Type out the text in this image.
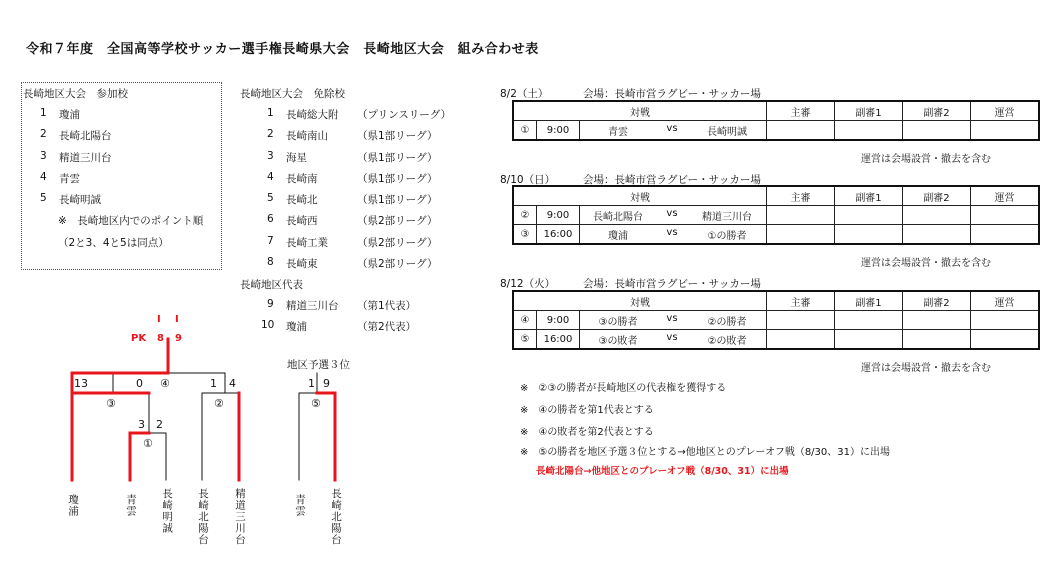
令和７年度　全国高等学校サッカー選手権長崎県大会　長崎地区大会　組み合わせ表
長崎地区大会　参加校
1 瓊浦
2 長崎北陽台
3 精道三川台
4 青雲
5 長崎明誠
※　長崎地区内でのポイント順
（2と3、4と5は同点）
長崎地区大会　免除校
1 長崎総大附 （プリンスリーグ）
2 長崎南山	（県1部リーグ）
3 海星	（県1部リーグ）
4 長崎南	（県1部リーグ）
5 長崎北	（県1部リーグ）
6 長崎西	（県2部リーグ）
7 長崎工業	（県2部リーグ）
8 長崎東	（県2部リーグ）
長崎地区代表
9 精道三川台 （第1代表）
10 瓊浦	（第2代表）
8/2（土）	会場：長崎市営ラグビー・サッカー場
対戦			主審	副審1	副審2	運営
①	9:00	青雲 vs 長崎明誠				

運営は会場設営・撤去を含む
8/10（日）	会場：長崎市営ラグビー・サッカー場
対戦			主審	副審1	副審2	運営
②	9:00	長崎北陽台 vs 精道三川台				

③	16:00	瓊浦 vs ①の勝者				

運営は会場設営・撤去を含む
8/12（火）	会場：長崎市営ラグビー・サッカー場
対戦			主審	副審1	副審2	運営
④	9:00	③の勝者 vs ②の勝者				

⑤	16:00	③の敗者 vs ②の敗者				

運営は会場設営・撤去を含む
※　②③の勝者が長崎地区の代表権を獲得する
※　④の勝者を第1代表とする
※　④の敗者を第2代表とする
※　⑤の勝者を地区予選３位とする→他地区とのプレーオフ戦（8/30、31）に出場
長崎北陽台→他地区とのプレーオフ戦（8/30、31）に出場
I I
PK 8 9
13	0 ④	1 4
③	②
3 2
①
地区予選３位
1 9
⑤
瓊浦	青雲 長崎明誠 長崎北陽台 精道三川台	青雲 長崎北陽台
